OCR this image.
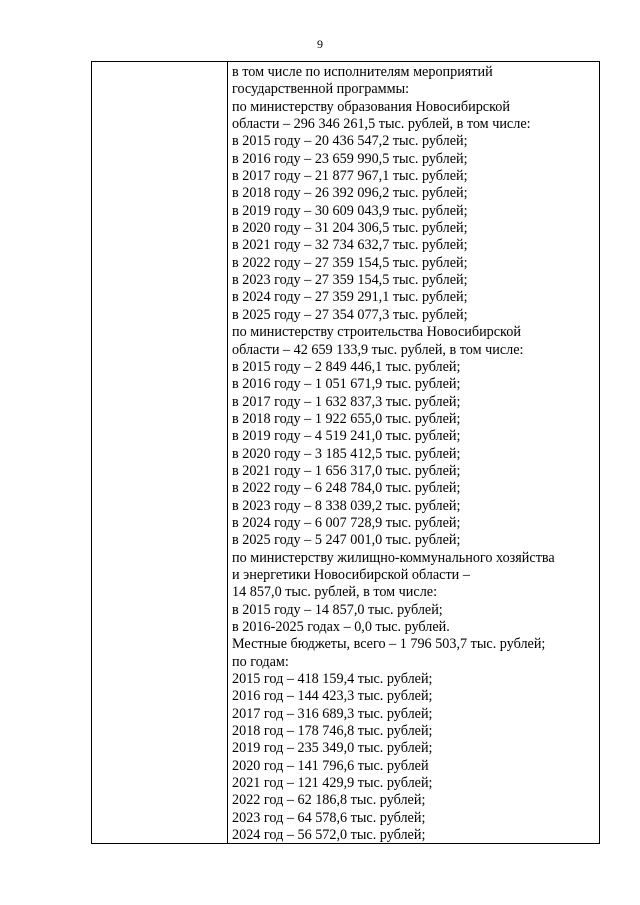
9
в том числе по исполнителям мероприятий
государственной программы:
по министерству образования Новосибирской
области – 296 346 261,5 тыс. рублей, в том числе:
в 2015 году – 20 436 547,2 тыс. рублей;
в 2016 году – 23 659 990,5 тыс. рублей;
в 2017 году – 21 877 967,1 тыс. рублей;
в 2018 году – 26 392 096,2 тыс. рублей;
в 2019 году – 30 609 043,9 тыс. рублей;
в 2020 году – 31 204 306,5 тыс. рублей;
в 2021 году – 32 734 632,7 тыс. рублей;
в 2022 году – 27 359 154,5 тыс. рублей;
в 2023 году – 27 359 154,5 тыс. рублей;
в 2024 году – 27 359 291,1 тыс. рублей;
в 2025 году – 27 354 077,3 тыс. рублей;
по министерству строительства Новосибирской
области – 42 659 133,9 тыс. рублей, в том числе:
в 2015 году – 2 849 446,1 тыс. рублей;
в 2016 году – 1 051 671,9 тыс. рублей;
в 2017 году – 1 632 837,3 тыс. рублей;
в 2018 году – 1 922 655,0 тыс. рублей;
в 2019 году – 4 519 241,0 тыс. рублей;
в 2020 году – 3 185 412,5 тыс. рублей;
в 2021 году – 1 656 317,0 тыс. рублей;
в 2022 году – 6 248 784,0 тыс. рублей;
в 2023 году – 8 338 039,2 тыс. рублей;
в 2024 году – 6 007 728,9 тыс. рублей;
в 2025 году – 5 247 001,0 тыс. рублей;
по министерству жилищно-коммунального хозяйства
и энергетики Новосибирской области –
14 857,0 тыс. рублей, в том числе:
в 2015 году – 14 857,0 тыс. рублей;
в 2016-2025 годах – 0,0 тыс. рублей.
Местные бюджеты, всего – 1 796 503,7 тыс. рублей;
по годам:
2015 год – 418 159,4 тыс. рублей;
2016 год – 144 423,3 тыс. рублей;
2017 год – 316 689,3 тыс. рублей;
2018 год – 178 746,8 тыс. рублей;
2019 год – 235 349,0 тыс. рублей;
2020 год – 141 796,6 тыс. рублей
2021 год – 121 429,9 тыс. рублей;
2022 год – 62 186,8 тыс. рублей;
2023 год – 64 578,6 тыс. рублей;
2024 год – 56 572,0 тыс. рублей;
